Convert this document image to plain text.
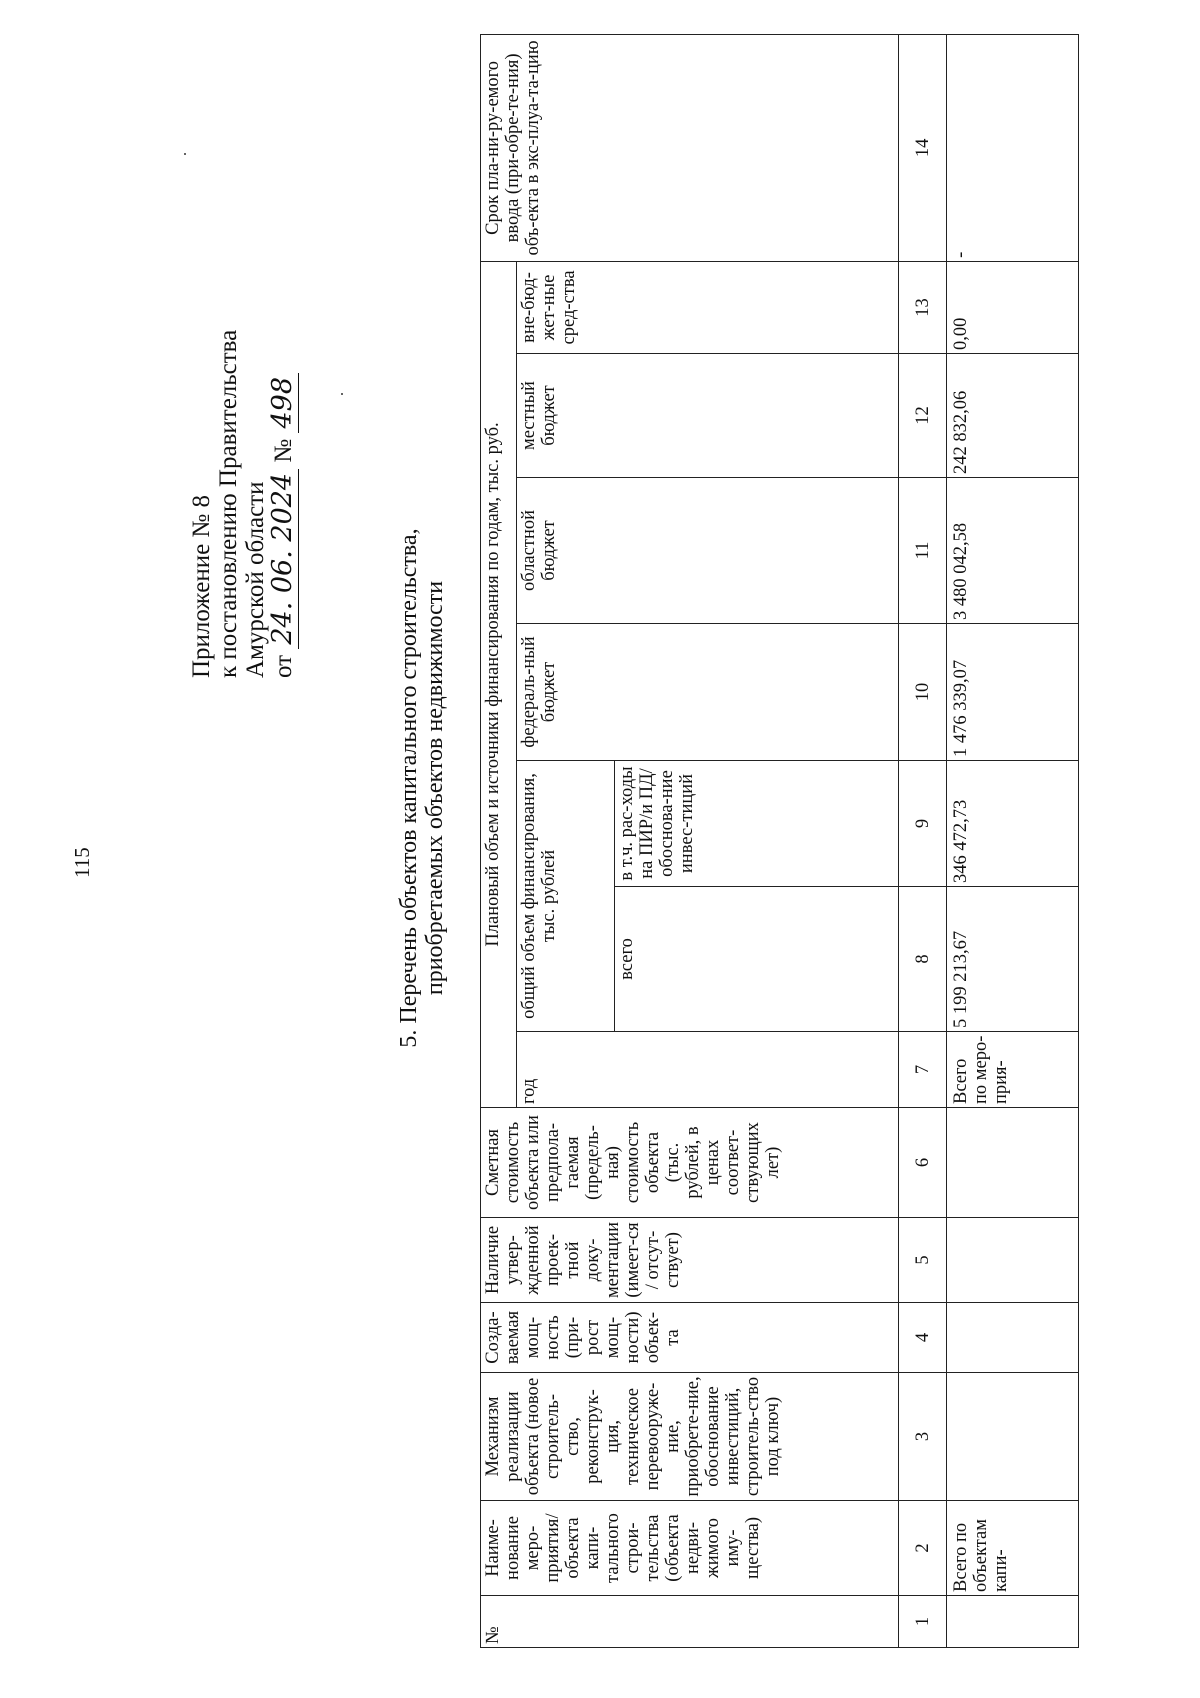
115
Приложение № 8 к постановлению Правительства Амурской области от 24. 06. 2024 № 498
5. Перечень объектов капитального строительства, приобретаемых объектов недвижимости
№	Наиме-нование меро-приятия/ объекта капи-тального строи-тельства (объекта недви-жимого иму-щества)	Механизм реализации объекта (новое строитель-ство, реконструк-ция, техническое перевооруже-ние, приобрете-ние, обоснование инвестиций, строитель-ство под ключ)	Созда-ваемая мощ-ность (при-рост мощ-ности) объек-та	Наличие утвер-жденной проек-тной доку-ментации (имеет-ся / отсут-ствует)	Сметная стоимость объекта или предпола-гаемая (предель-ная) стоимость объекта (тыс. рублей, в ценах соответ-ствующих лет)	Плановый объем и источники финансирования по годам, тыс. руб.							Срок пла-ни-ру-емого ввода (при-обре-те-ния) объ-екта в экс-плуа-та-цию
						год	общий объем финансирования, тыс. рублей		федераль-ный бюджет	областной бюджет	местный бюджет	вне-бюд-жет-ные сред-ства	
							всего	в т.ч. рас-ходы на ПИР/и ПД/ обоснова-ние инвес-тиций					
1	2	3	4	5	6	7	8	9	10	11	12	13	14
	Всего по объектам капи-					Всего по меро-прия-	5 199 213,67	346 472,73	1 476 339,07	3 480 042,58	242 832,06	0,00	-
